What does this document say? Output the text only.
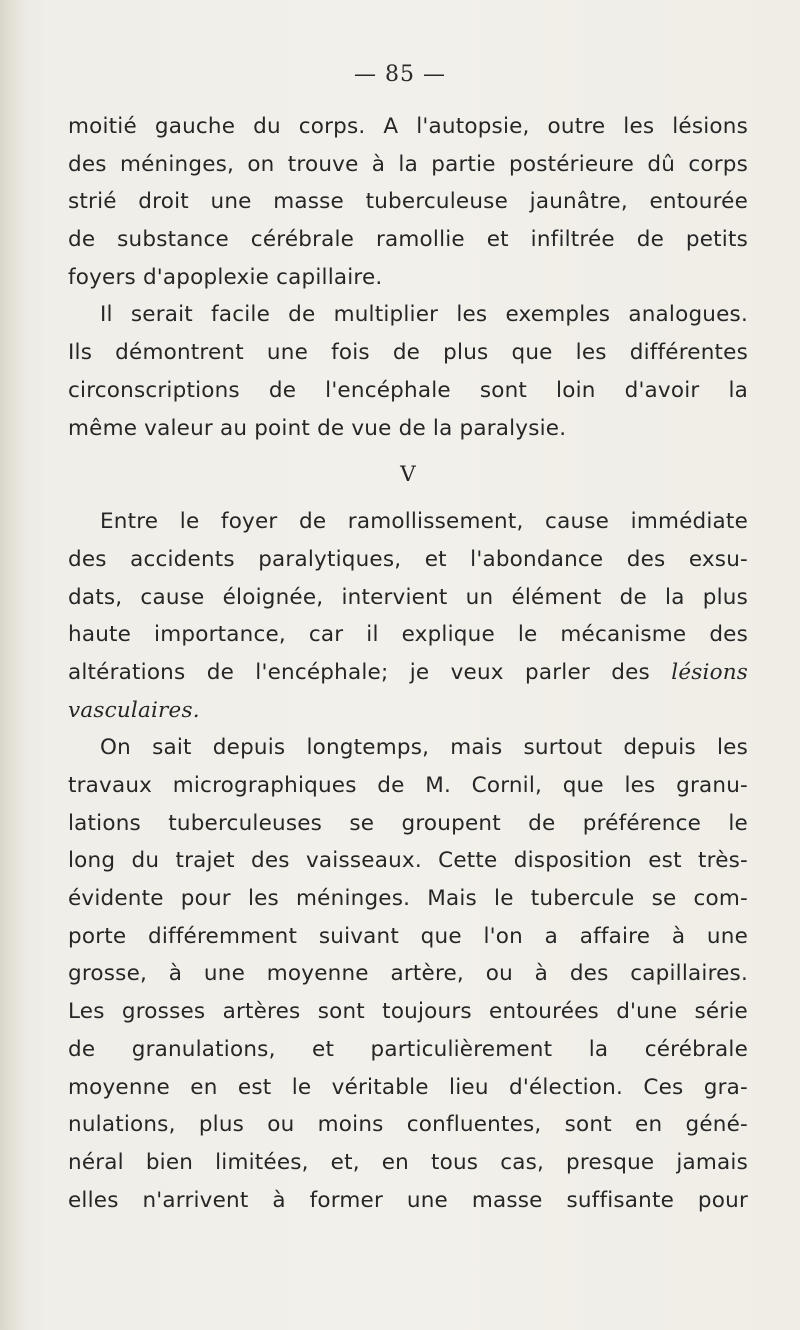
— 85 —
moitié gauche du corps. A l'autopsie, outre les lésions
des méninges, on trouve à la partie postérieure dû corps
strié droit une masse tuberculeuse jaunâtre, entourée
de substance cérébrale ramollie et infiltrée de petits
foyers d'apoplexie capillaire.
Il serait facile de multiplier les exemples analogues.
Ils démontrent une fois de plus que les différentes
circonscriptions de l'encéphale sont loin d'avoir la
même valeur au point de vue de la paralysie.
V
Entre le foyer de ramollissement, cause immédiate
des accidents paralytiques, et l'abondance des exsu-
dats, cause éloignée, intervient un élément de la plus
haute importance, car il explique le mécanisme des
altérations de l'encéphale; je veux parler des lésions
vasculaires.
On sait depuis longtemps, mais surtout depuis les
travaux micrographiques de M. Cornil, que les granu-
lations tuberculeuses se groupent de préférence le
long du trajet des vaisseaux. Cette disposition est très-
évidente pour les méninges. Mais le tubercule se com-
porte différemment suivant que l'on a affaire à une
grosse, à une moyenne artère, ou à des capillaires.
Les grosses artères sont toujours entourées d'une série
de granulations, et particulièrement la cérébrale
moyenne en est le véritable lieu d'élection. Ces gra-
nulations, plus ou moins confluentes, sont en géné-
néral bien limitées, et, en tous cas, presque jamais
elles n'arrivent à former une masse suffisante pour
